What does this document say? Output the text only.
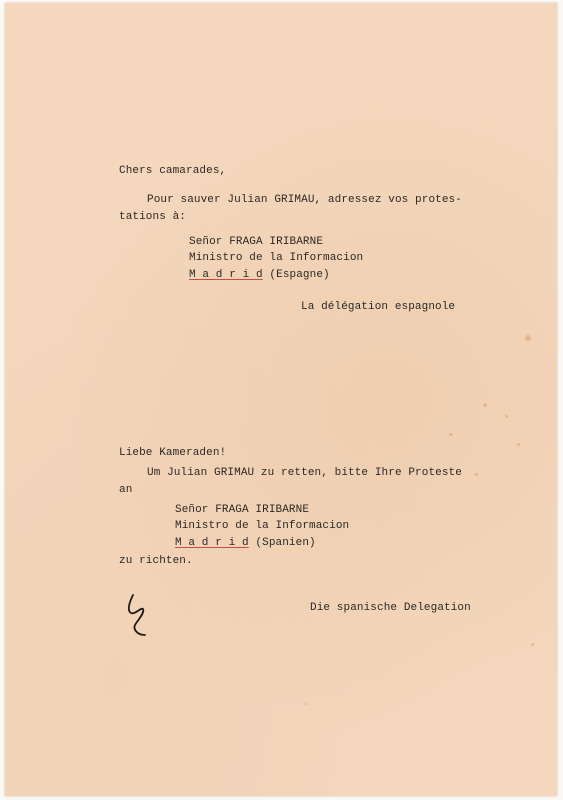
Chers camarades,

Pour sauver Julian GRIMAU, adressez vos protes-

tations à:

Señor FRAGA IRIBARNE

Ministro de la Informacion

M a d r i d (Espagne)

La délégation espagnole

Liebe Kameraden!

Um Julian GRIMAU zu retten, bitte Ihre Proteste

an

Señor FRAGA IRIBARNE

Ministro de la Informacion

M a d r i d (Spanien)

zu richten.

Die spanische Delegation
